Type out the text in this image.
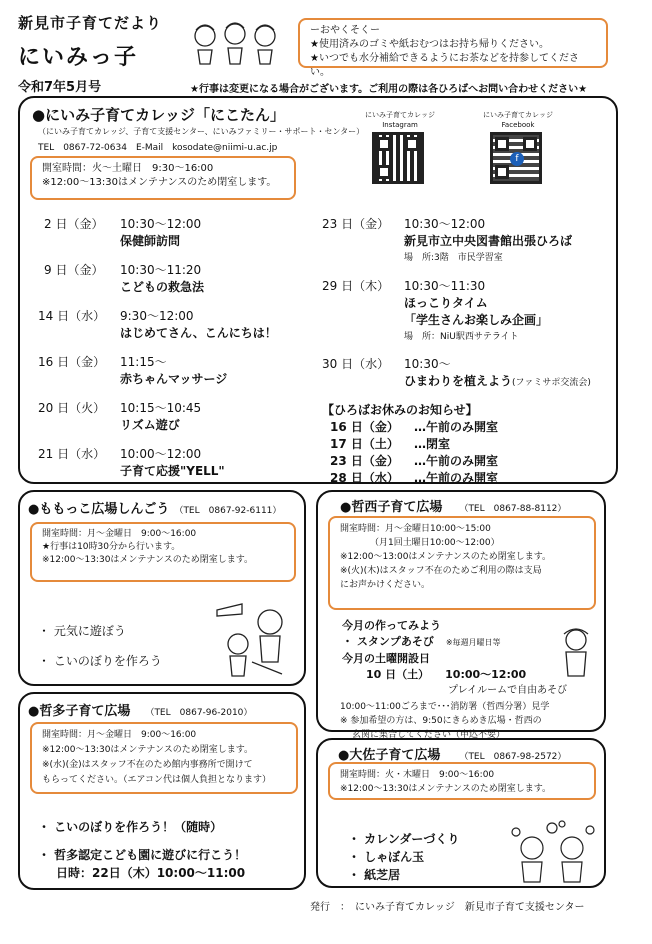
新見市子育てだより
にいみっ子
令和7年5月号
ーおやくそくー
★使用済みのゴミや紙おむつはお持ち帰りください。
★いつでも水分補給できるようにお茶などを持参してください。
★行事は変更になる場合がございます。ご利用の際は各ひろばへお問い合わせください★
●にいみ子育てカレッジ「にこたん」
（にいみ子育てカレッジ、子育て支援センター、にいみファミリー・サポート・センター）
TEL　0867-72-0634　E-Mail　kosodate@niimi-u.ac.jp
にいみ子育てカレッジ
Instagram
にいみ子育てカレッジ
Facebook
f
開室時間：火～土曜日　9:30～16:00
※12:00～13:30はメンテナンスのため閉室します。
2 日（金） 10:30～12:00
保健師訪問
9 日（金） 10:30～11:20
こどもの救急法
14 日（水） 9:30～12:00
はじめてさん、こんにちは！
16 日（金） 11:15～
赤ちゃんマッサージ
20 日（火） 10:15～10:45
リズム遊び
21 日（水） 10:00～12:00
子育て応援"YELL"
23 日（金） 10:30～12:00
新見市立中央図書館出張ひろば
場　所:3階　市民学習室
29 日（木） 10:30～11:30
ほっこりタイム
「学生さんお楽しみ企画」
場　所：NiU駅西サテライト
30 日（水） 10:30～
ひまわりを植えよう(ファミサポ交流会)
【ひろばお休みのお知らせ】
16 日（金） …午前のみ開室
17 日（土） …閉室
23 日（金） …午前のみ開室
28 日（水） …午前のみ開室
●ももっこ広場しんごう （TEL　0867-92-6111）
開室時間：月～金曜日　9:00～16:00
★行事は10時30分から行います。
※12:00～13:30はメンテナンスのため閉室します。
・ 元気に遊ぼう
・ こいのぼりを作ろう
●哲多子育て広場 （TEL　0867-96-2010）
開室時間：月～金曜日　9:00～16:00
※12:00～13:30はメンテナンスのため閉室します。
※(水)(金)はスタッフ不在のため館内事務所で開けて
もらってください。（エアコン代は個人負担となります）
・ こいのぼりを作ろう！（随時）
・ 哲多認定こども園に遊びに行こう！
日時：22日（木）10:00～11:00
●哲西子育て広場 （TEL　0867-88-8112）
開室時間：月～金曜日10:00～15:00
（月1回土曜日10:00～12:00）
※12:00～13:00はメンテナンスのため閉室します。
※(火)(木)はスタッフ不在のためご利用の際は支局
にお声かけください。
今月の作ってみよう
・ スタンプあそび ※毎週月曜日等
今月の土曜開設日
10 日（土） 10:00～12:00
プレイルームで自由あそび
10:00～11:00ごろまで･･･消防署（哲西分署）見学
※ 参加希望の方は、9:50にきらめき広場・哲西の
玄関に集合してください（申込不要）
●大佐子育て広場 （TEL　0867-98-2572）
開室時間：火・木曜日　9:00～16:00
※12:00～13:30はメンテナンスのため閉室します。
・ カレンダーづくり
・ しゃぼん玉
・ 紙芝居
発行　：　にいみ子育てカレッジ　新見市子育て支援センター
